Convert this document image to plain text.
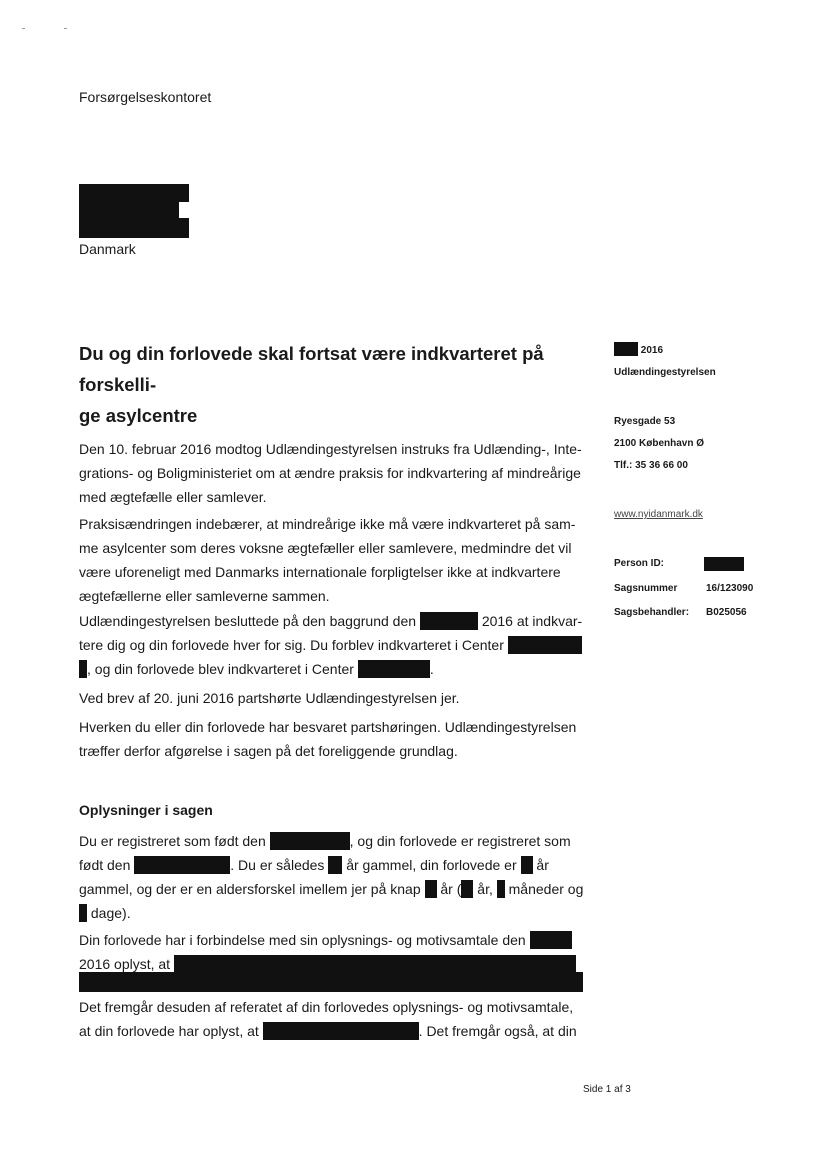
Forsørgelseskontoret
Danmark
Du og din forlovede skal fortsat være indkvarteret på forskelli-
ge asylcentre
2016
Udlændingestyrelsen
Ryesgade 53
2100 København Ø
Tlf.: 35 36 66 00
www.nyidanmark.dk
Person ID:
Sagsnummer	16/123090
Sagsbehandler: B025056

Den 10. februar 2016 modtog Udlændingestyrelsen instruks fra Udlænding-, Inte-
grations- og Boligministeriet om at ændre praksis for indkvartering af mindreårige
med ægtefælle eller samlever.

Praksisændringen indebærer, at mindreårige ikke må være indkvarteret på sam-
me asylcenter som deres voksne ægtefæller eller samlevere, medmindre det vil
være uforeneligt med Danmarks internationale forpligtelser ikke at indkvartere
ægtefællerne eller samleverne sammen.

Udlændingestyrelsen besluttede på den baggrund den	2016 at indkvar-
tere dig og din forlovede hver for sig. Du forblev indkvarteret i Center
, og din forlovede blev indkvarteret i Center	.

Ved brev af 20. juni 2016 partshørte Udlændingestyrelsen jer.

Hverken du eller din forlovede har besvaret partshøringen. Udlændingestyrelsen
træffer derfor afgørelse i sagen på det foreliggende grundlag.

Oplysninger i sagen

Du er registreret som født den	, og din forlovede er registreret som
født den	. Du er således år gammel, din forlovede er år
gammel, og der er en aldersforskel imellem jer på knap år ( år, måneder og
dage).

Din forlovede har i forbindelse med sin oplysnings- og motivsamtale den
2016 oplyst, at

Det fremgår desuden af referatet af din forlovedes oplysnings- og motivsamtale,
at din forlovede har oplyst, at	. Det fremgår også, at din

Side 1 af 3
